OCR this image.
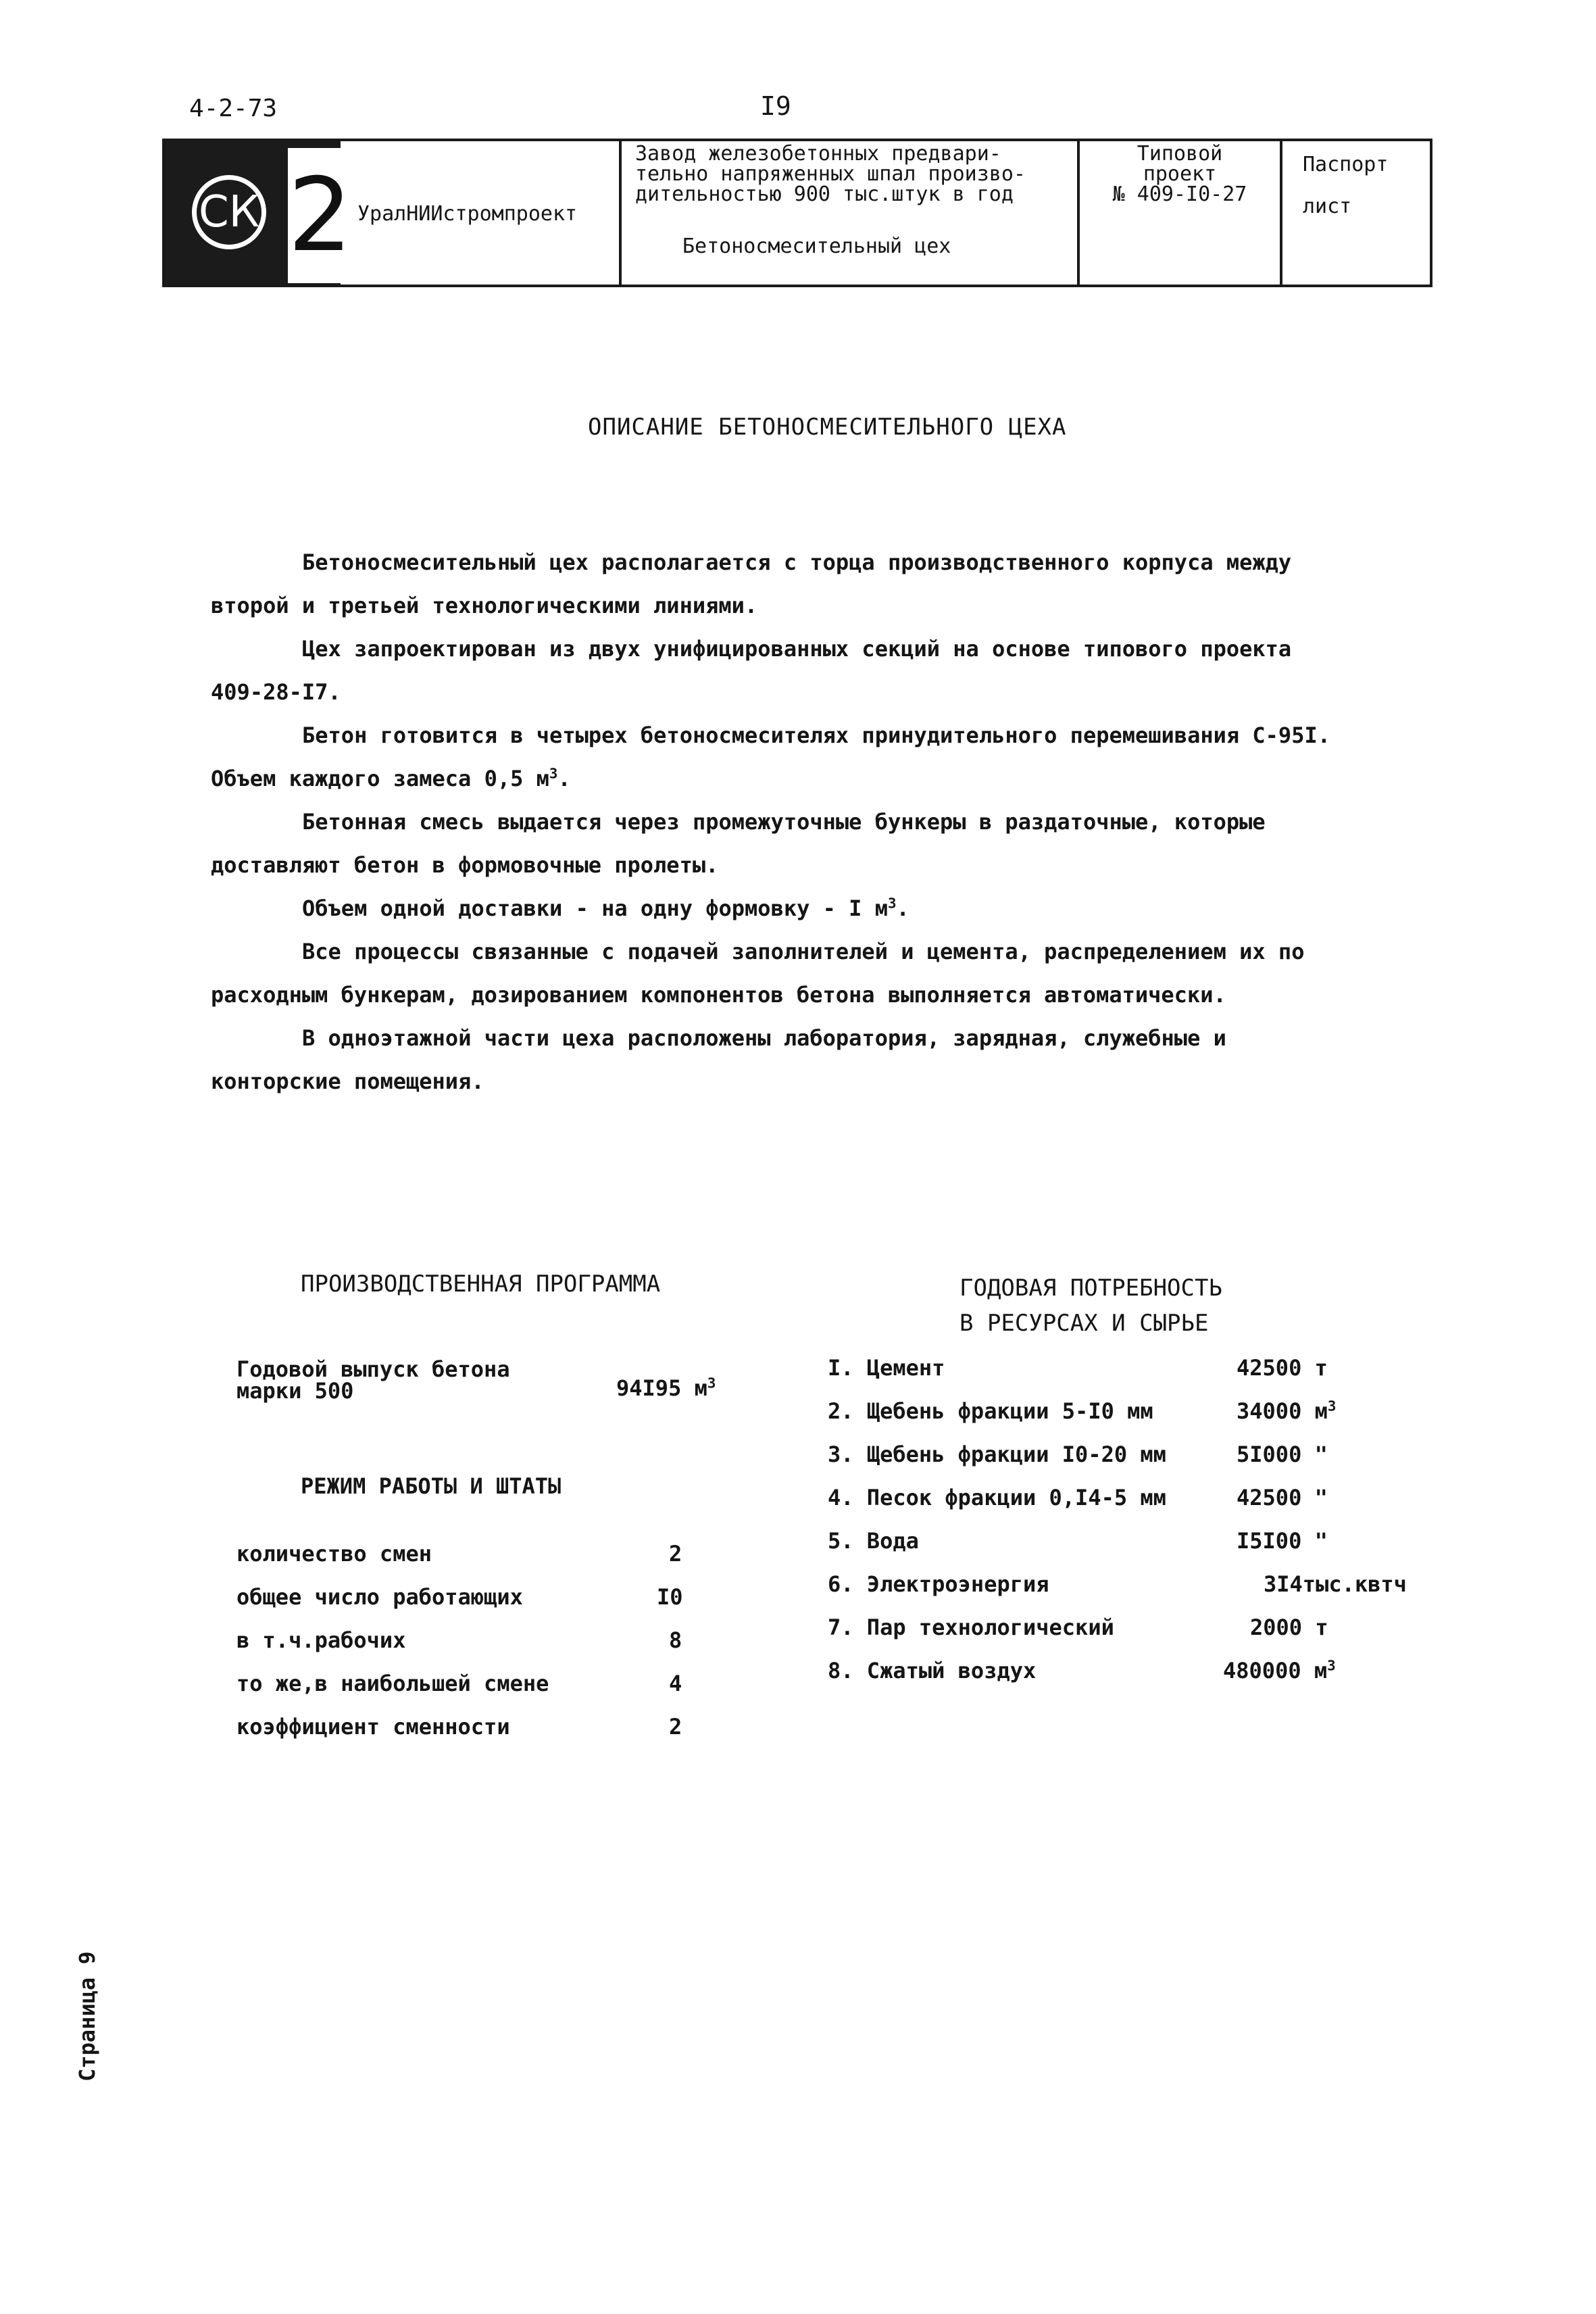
4-2-73	I9
СК 2 УралНИИстромпроект
Завод железобетонных предвари-
тельно напряженных шпал произво-
дительностью 900 тыс.штук в год
Бетоносмесительный цех
Типовой
проект
№ 409-I0-27
Паспорт
лист
ОПИСАНИЕ БЕТОНОСМЕСИТЕЛЬНОГО ЦЕХА

Бетоносмесительный цех располагается с торца производственного корпуса между второй и третьей технологическими линиями.

Цех запроектирован из двух унифицированных секций на основе типового проекта 409-28-I7.

Бетон готовится в четырех бетоносмесителях принудительного перемешивания С-95I. Объем каждого замеса 0,5 $м^3$.

Бетонная смесь выдается через промежуточные бункеры в раздаточные, которые доставляют бетон в формовочные пролеты.

Объем одной доставки - на одну формовку - I $м^3$.

Все процессы связанные с подачей заполнителей и цемента, распределением их по расходным бункерам, дозированием компонентов бетона выполняется автоматически.

В одноэтажной части цеха расположены лаборатория, зарядная, служебные и конторские помещения.

ПРОИЗВОДСТВЕННАЯ ПРОГРАММА
Годовой выпуск бетона
марки 500	94I95 $м^3$
РЕЖИМ РАБОТЫ И ШТАТЫ
количество смен	2
общее число работающих	I0
в т.ч.рабочих	8
то же,в наибольшей смене	4
коэффициент сменности	2
ГОДОВАЯ ПОТРЕБНОСТЬ
В РЕСУРСАХ И СЫРЬЕ
I. Цемент	42500 т
2. Щебень фракции 5-I0 мм	34000 $м^3$
3. Щебень фракции I0-20 мм	5I000 "
4. Песок фракции 0,I4-5 мм	42500 "
5. Вода	I5I00 "
6. Электроэнергия	3I4тыс.квтч
7. Пар технологический	2000 т
8. Сжатый воздух	480000 $м^3$
Страница 9
